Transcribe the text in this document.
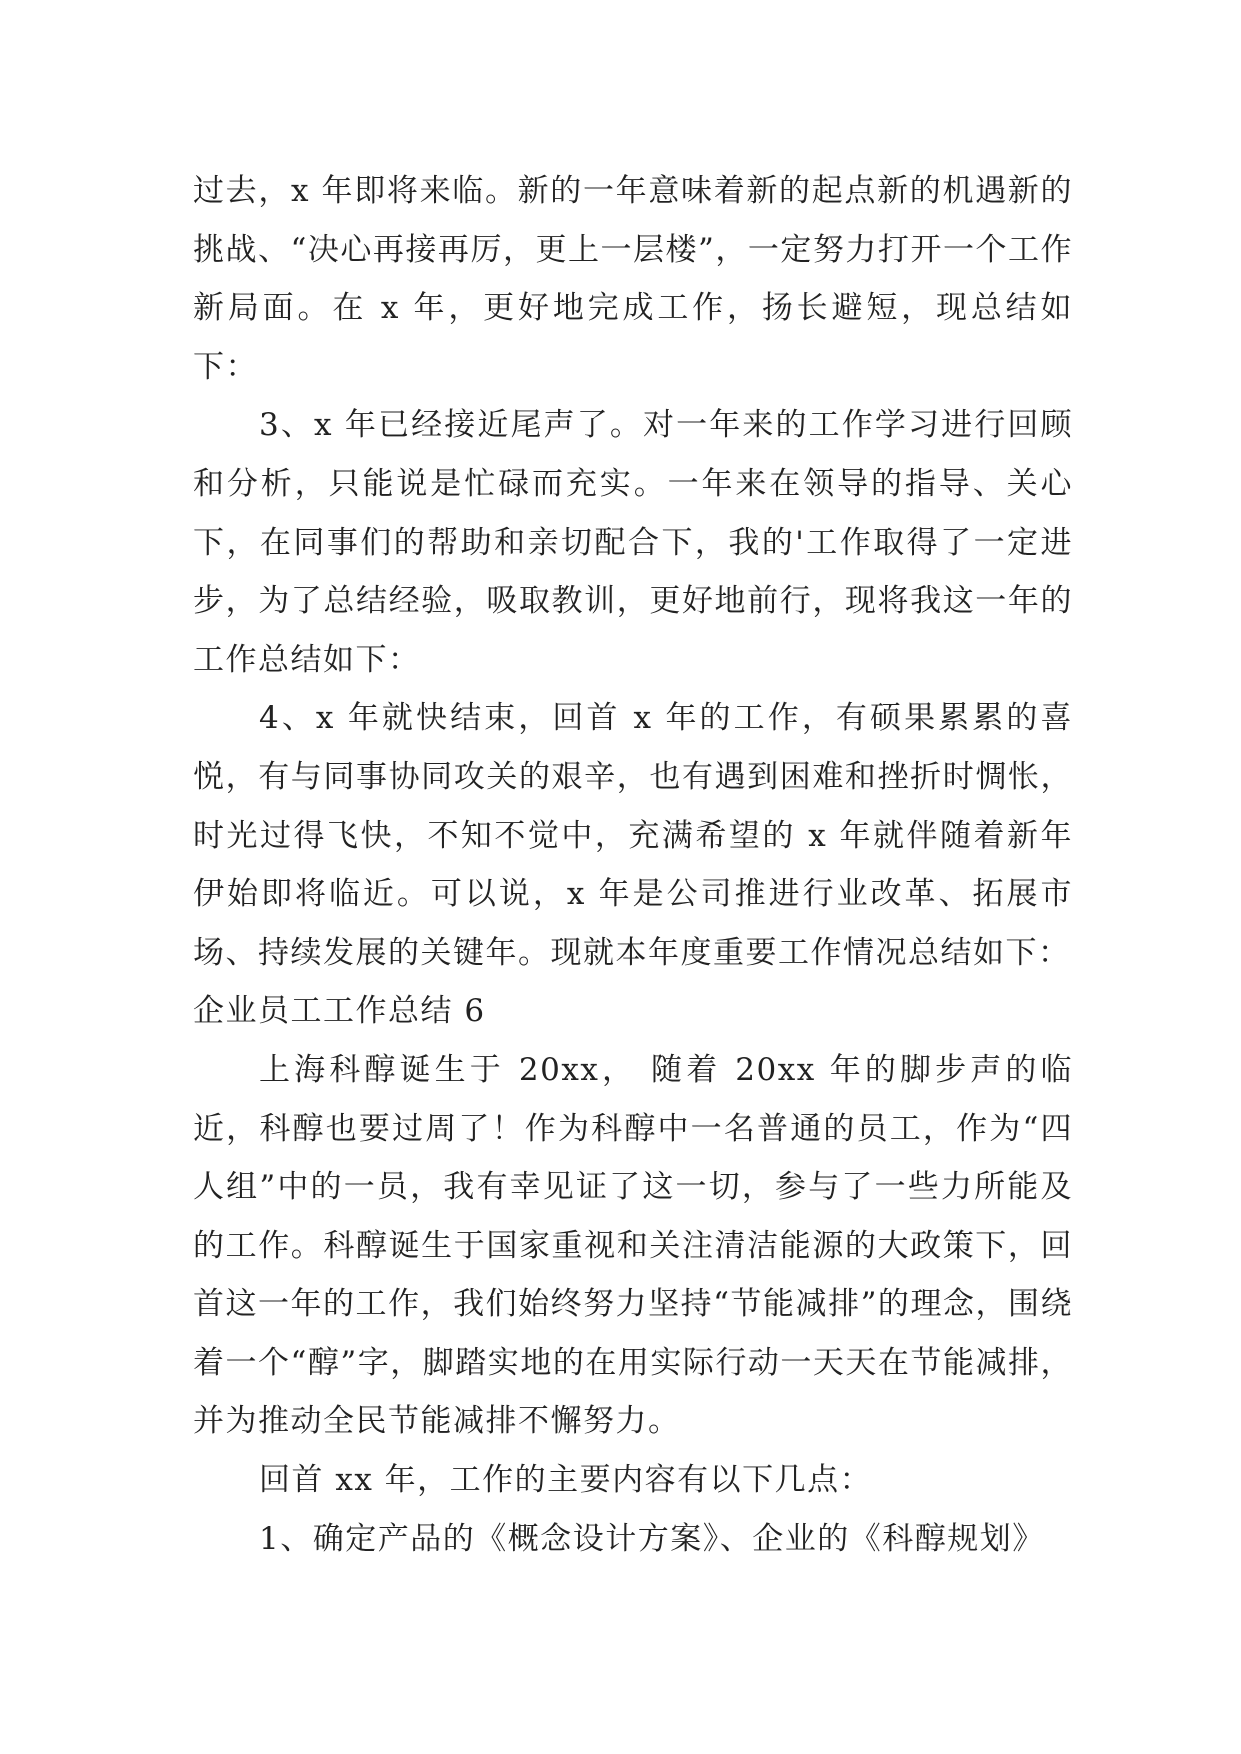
过去，x 年即将来临。新的一年意味着新的起点新的机遇新的挑战、“决心再接再厉，更上一层楼”，一定努力打开一个工作新局面。在 x 年，更好地完成工作，扬长避短，现总结如下：

3、x 年已经接近尾声了。对一年来的工作学习进行回顾和分析，只能说是忙碌而充实。一年来在领导的指导、关心下，在同事们的帮助和亲切配合下，我的'工作取得了一定进步，为了总结经验，吸取教训，更好地前行，现将我这一年的工作总结如下：

4、x 年就快结束，回首 x 年的工作，有硕果累累的喜悦，有与同事协同攻关的艰辛，也有遇到困难和挫折时惆怅，时光过得飞快，不知不觉中，充满希望的 x 年就伴随着新年伊始即将临近。可以说，x 年是公司推进行业改革、拓展市场、持续发展的关键年。现就本年度重要工作情况总结如下：

企业员工工作总结 6

上海科醇诞生于 20xx， 随着 20xx 年的脚步声的临近，科醇也要过周了！作为科醇中一名普通的员工，作为“四人组”中的一员，我有幸见证了这一切，参与了一些力所能及的工作。科醇诞生于国家重视和关注清洁能源的大政策下，回首这一年的工作，我们始终努力坚持“节能减排”的理念，围绕着一个“醇”字，脚踏实地的在用实际行动一天天在节能减排，并为推动全民节能减排不懈努力。

回首 xx 年，工作的主要内容有以下几点：

1、确定产品的《概念设计方案》、企业的《科醇规划》
